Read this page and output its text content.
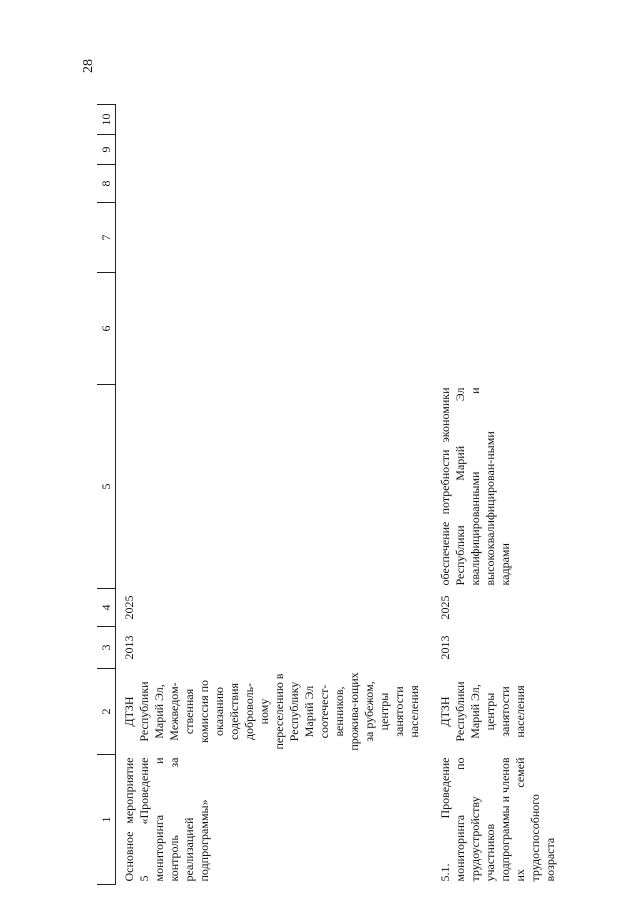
28
1	2	3	4	5	6	7	8	9	10
Основное мероприятие 5 «Проведение мониторинга и контроль за реализацией подпрограммы»	ДТЗН Республики Марий Эл, Межведом-ственная комиссия по оказанию содействия доброволь-ному переселению в Республику Марий Эл соотечест-венников, прожива-ющих за рубежом, центры занятости населения	2013	2025						

5.1. Проведение мониторинга по трудоустройству участников подпрограммы и членов их семей трудоспособного возраста	ДТЗН Республики Марий Эл, центры занятости населения	2013	2025	обеспечение потребности экономики Республики Марий Эл квалифицированными и высококвалифицирован-ными кадрами					
